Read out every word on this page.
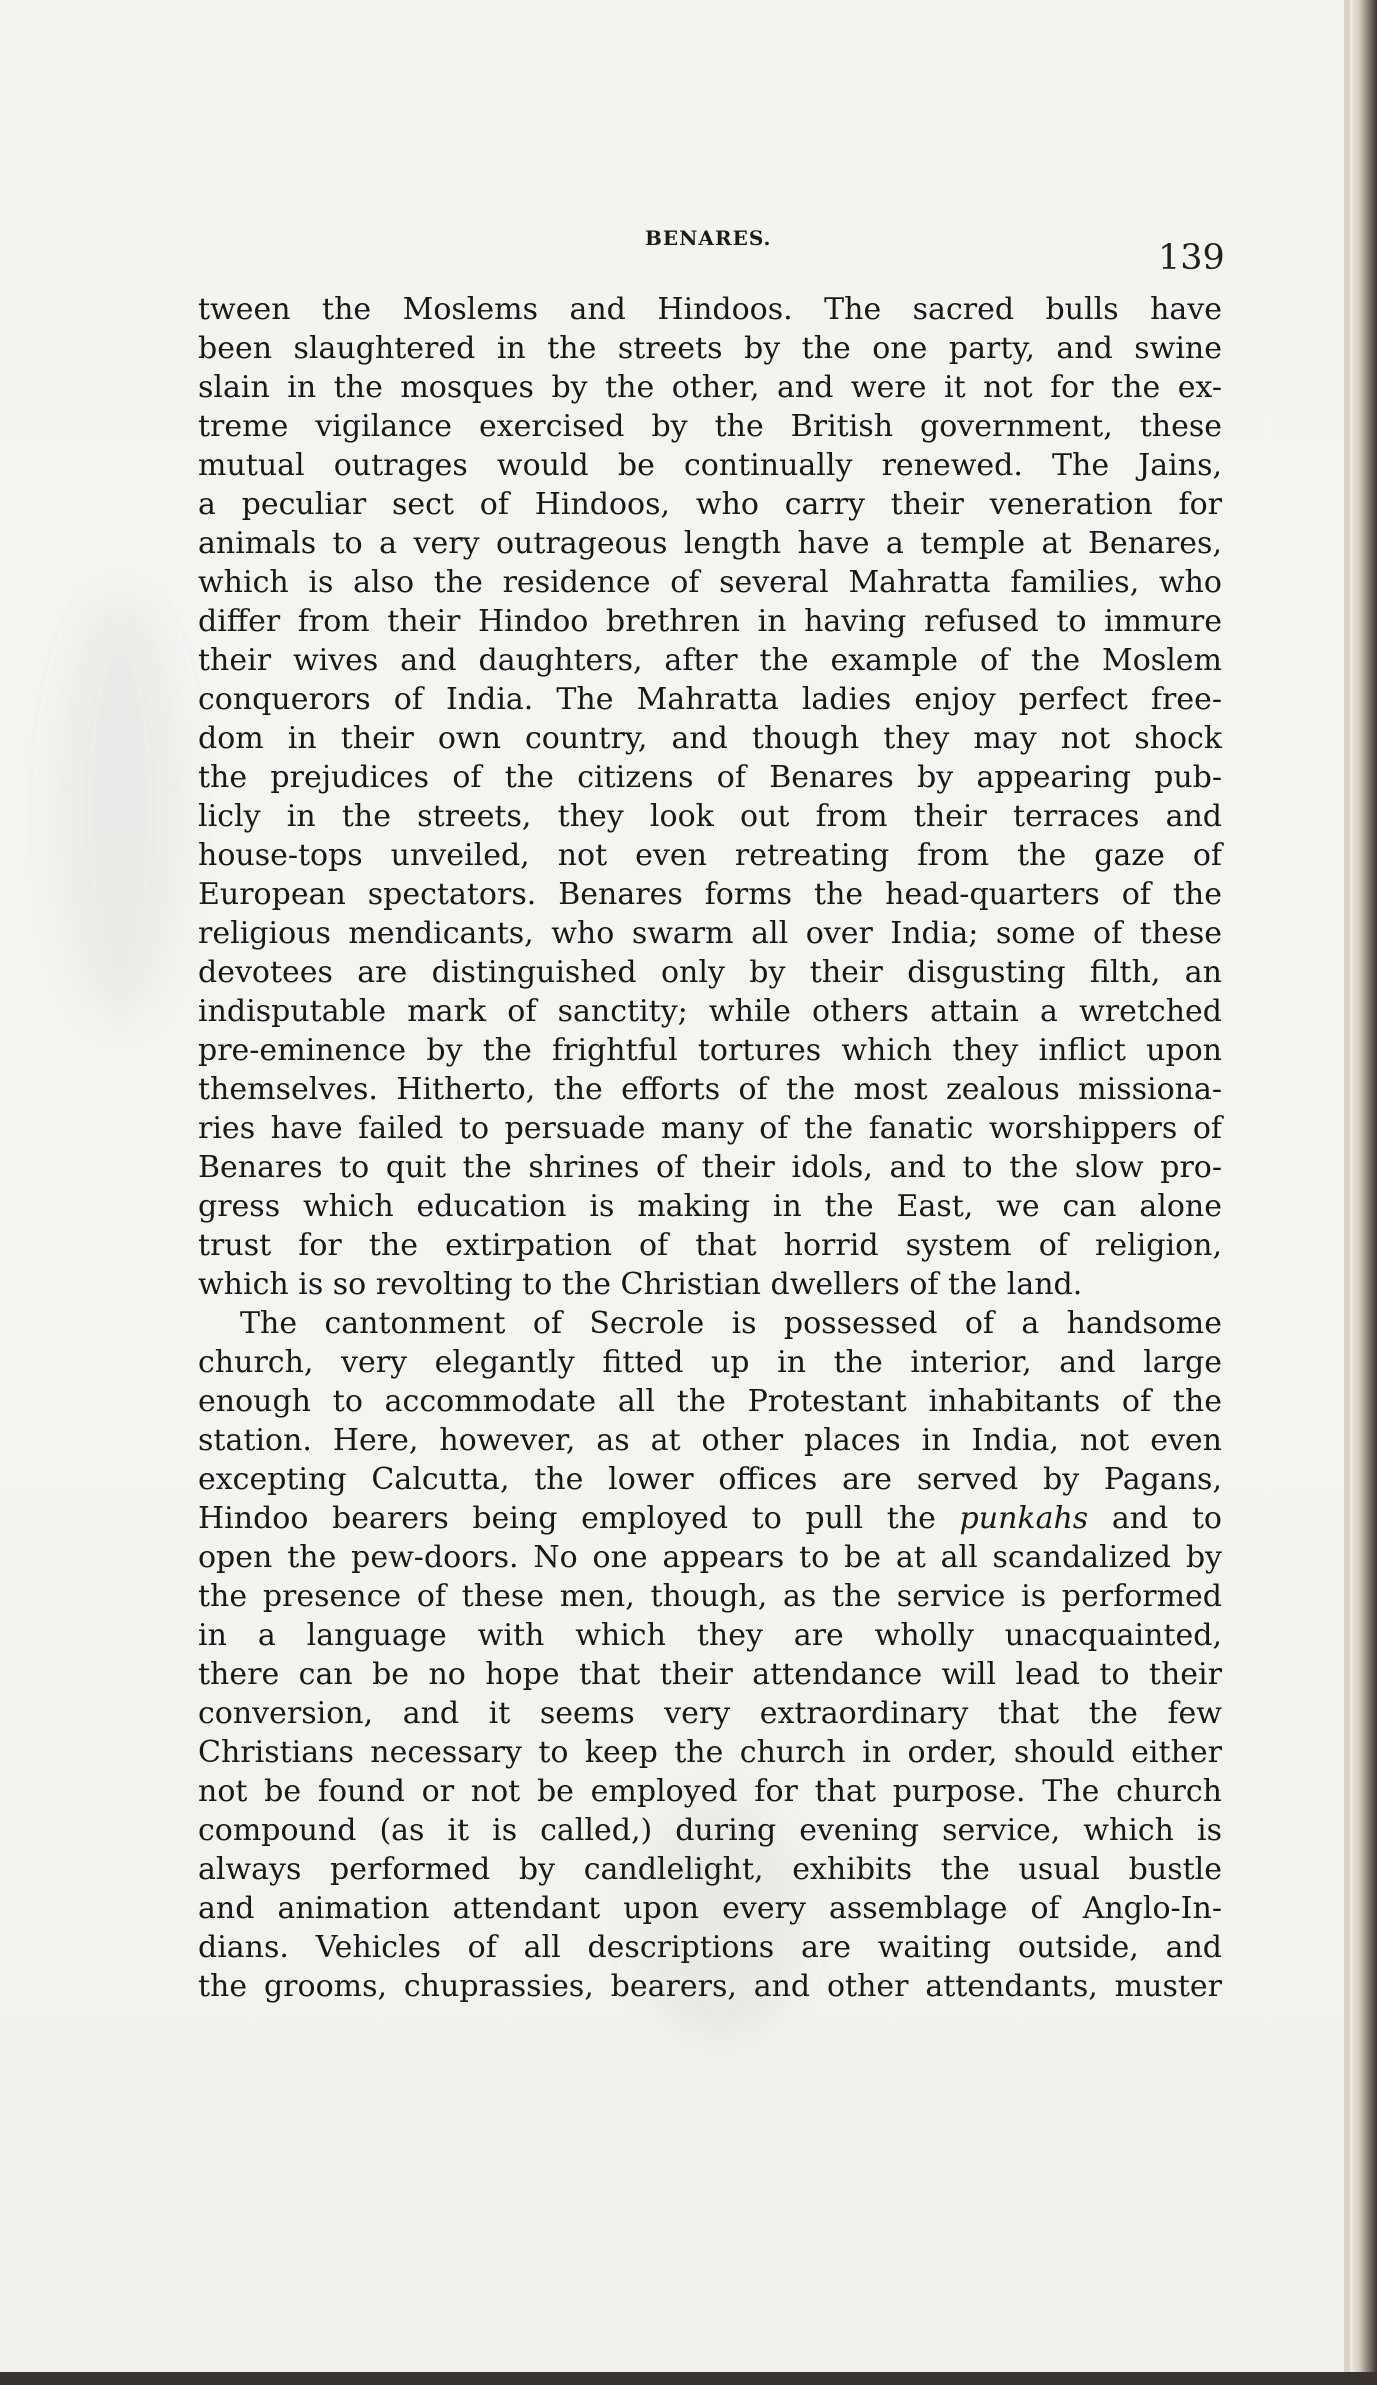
BENARES.	139
tween the Moslems and Hindoos. The sacred bulls have
been slaughtered in the streets by the one party, and swine
slain in the mosques by the other, and were it not for the ex-
treme vigilance exercised by the British government, these
mutual outrages would be continually renewed. The Jains,
a peculiar sect of Hindoos, who carry their veneration for
animals to a very outrageous length have a temple at Benares,
which is also the residence of several Mahratta families, who
differ from their Hindoo brethren in having refused to immure
their wives and daughters, after the example of the Moslem
conquerors of India. The Mahratta ladies enjoy perfect free-
dom in their own country, and though they may not shock
the prejudices of the citizens of Benares by appearing pub-
licly in the streets, they look out from their terraces and
house-tops unveiled, not even retreating from the gaze of
European spectators. Benares forms the head-quarters of the
religious mendicants, who swarm all over India; some of these
devotees are distinguished only by their disgusting filth, an
indisputable mark of sanctity; while others attain a wretched
pre-eminence by the frightful tortures which they inflict upon
themselves. Hitherto, the efforts of the most zealous missiona-
ries have failed to persuade many of the fanatic worshippers of
Benares to quit the shrines of their idols, and to the slow pro-
gress which education is making in the East, we can alone
trust for the extirpation of that horrid system of religion,
which is so revolting to the Christian dwellers of the land.
The cantonment of Secrole is possessed of a handsome
church, very elegantly fitted up in the interior, and large
enough to accommodate all the Protestant inhabitants of the
station. Here, however, as at other places in India, not even
excepting Calcutta, the lower offices are served by Pagans,
Hindoo bearers being employed to pull the punkahs and to
open the pew-doors. No one appears to be at all scandalized by
the presence of these men, though, as the service is performed
in a language with which they are wholly unacquainted,
there can be no hope that their attendance will lead to their
conversion, and it seems very extraordinary that the few
Christians necessary to keep the church in order, should either
not be found or not be employed for that purpose. The church
compound (as it is called,) during evening service, which is
always performed by candlelight, exhibits the usual bustle
and animation attendant upon every assemblage of Anglo-In-
dians. Vehicles of all descriptions are waiting outside, and
the grooms, chuprassies, bearers, and other attendants, muster
